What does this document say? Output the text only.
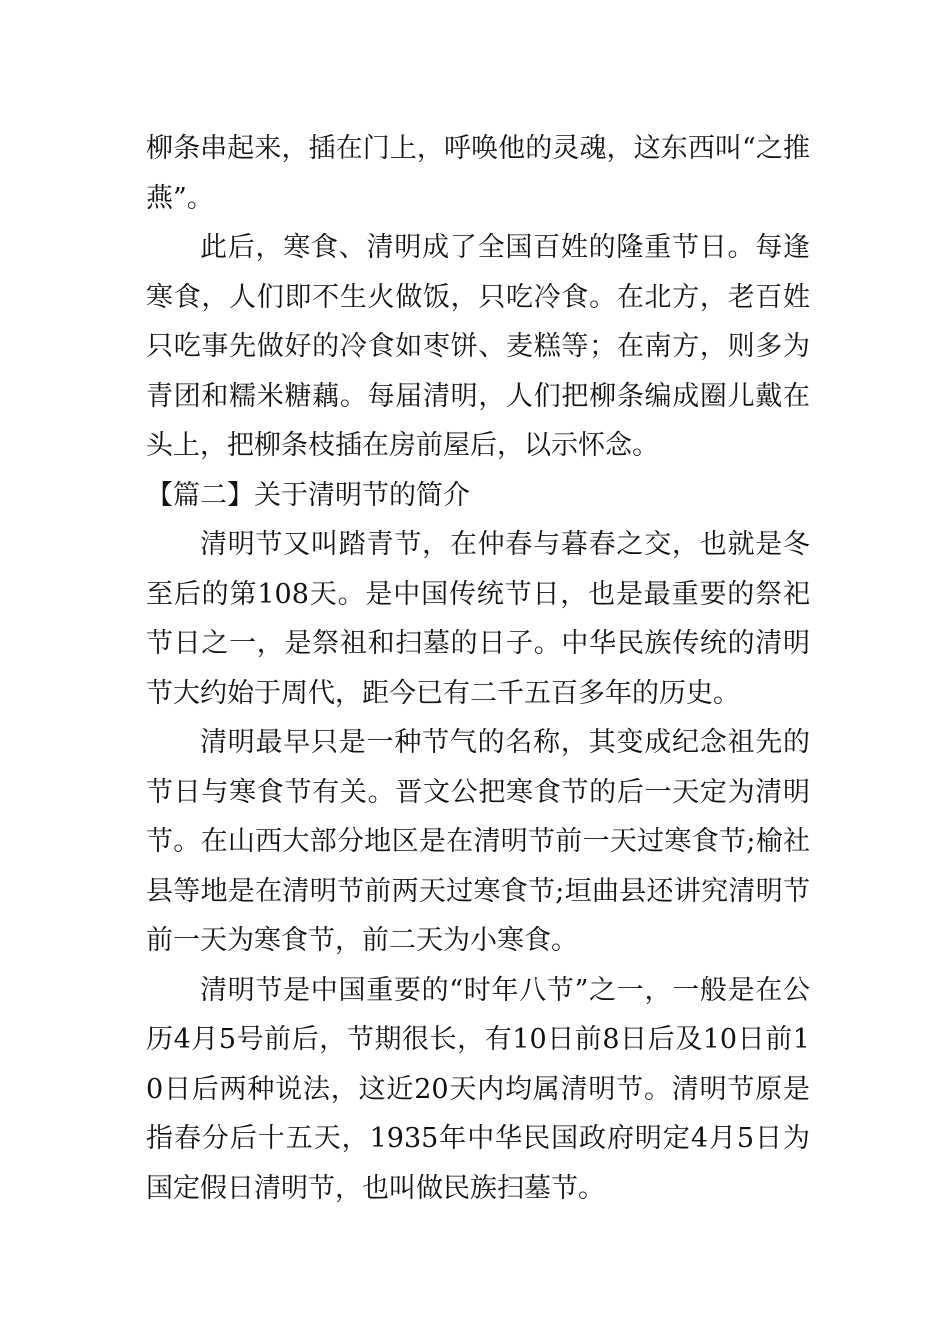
柳条串起来，插在门上，呼唤他的灵魂，这东西叫“之推燕”。

此后，寒食、清明成了全国百姓的隆重节日。每逢寒食，人们即不生火做饭，只吃冷食。在北方，老百姓只吃事先做好的冷食如枣饼、麦糕等；在南方，则多为青团和糯米糖藕。每届清明，人们把柳条编成圈儿戴在头上，把柳条枝插在房前屋后，以示怀念。

【篇二】关于清明节的简介

清明节又叫踏青节，在仲春与暮春之交，也就是冬至后的第108天。是中国传统节日，也是最重要的祭祀节日之一，是祭祖和扫墓的日子。中华民族传统的清明节大约始于周代，距今已有二千五百多年的历史。

清明最早只是一种节气的名称，其变成纪念祖先的节日与寒食节有关。晋文公把寒食节的后一天定为清明节。在山西大部分地区是在清明节前一天过寒食节;榆社县等地是在清明节前两天过寒食节;垣曲县还讲究清明节前一天为寒食节，前二天为小寒食。

清明节是中国重要的“时年八节”之一，一般是在公历4月5号前后，节期很长，有10日前8日后及10日前10日后两种说法，这近20天内均属清明节。清明节原是指春分后十五天，1935年中华民国政府明定4月5日为国定假日清明节，也叫做民族扫墓节。
